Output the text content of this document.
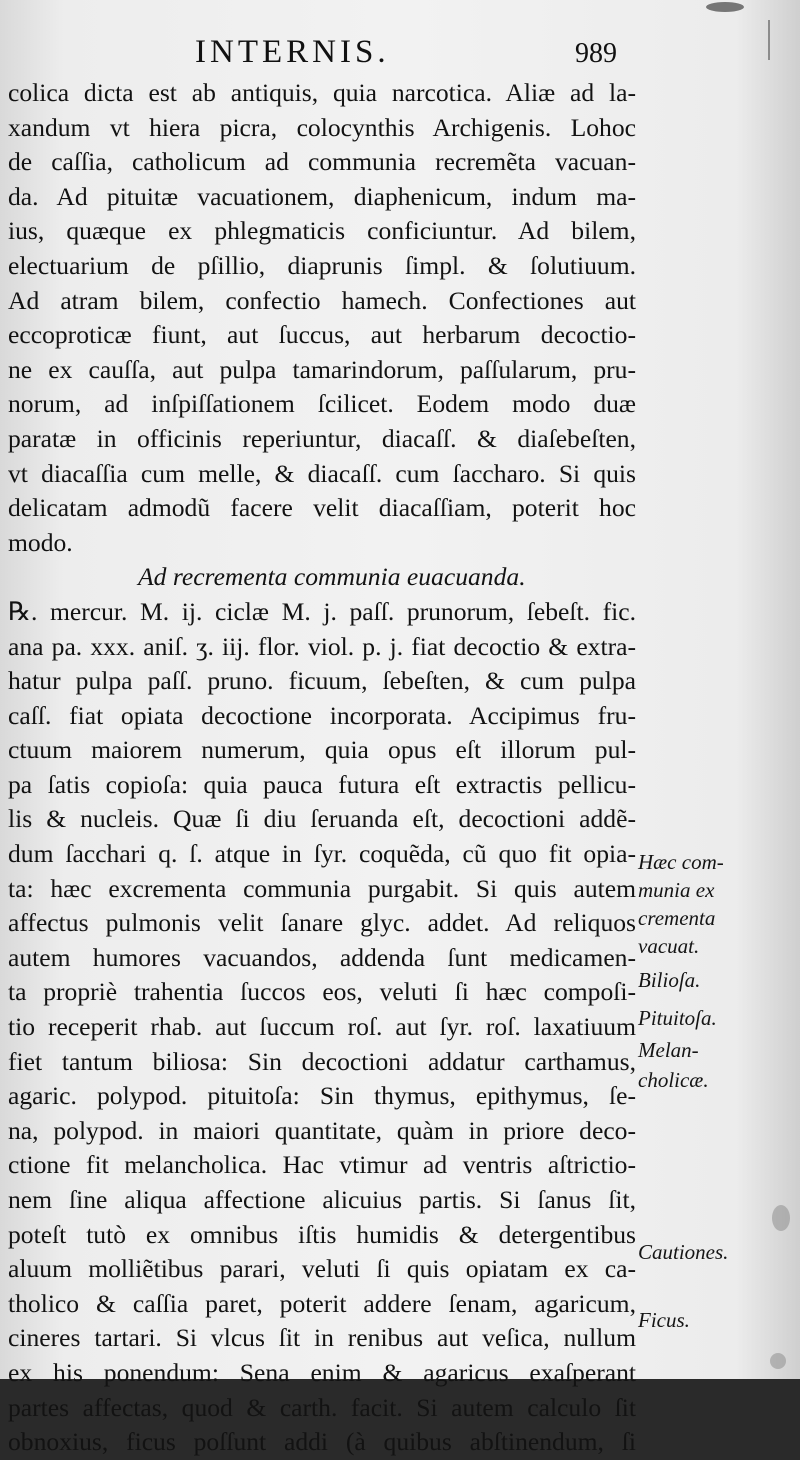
INTERNIS.	989
colica dicta est ab antiquis, quia narcotica. Aliæ ad la-
xandum vt hiera picra, colocynthis Archigenis. Lohoc
de caſſia, catholicum ad communia recremẽta vacuan-
da. Ad pituitæ vacuationem, diaphenicum, indum ma-
ius, quæque ex phlegmaticis conficiuntur. Ad bilem,
electuarium de pſillio, diaprunis ſimpl. & ſolutiuum.
Ad atram bilem, confectio hamech. Confectiones aut
eccoproticæ fiunt, aut ſuccus, aut herbarum decoctio-
ne ex cauſſa, aut pulpa tamarindorum, paſſularum, pru-
norum, ad inſpiſſationem ſcilicet. Eodem modo duæ
paratæ in officinis reperiuntur, diacaſſ. & diaſebeſten,
vt diacaſſia cum melle, & diacaſſ. cum ſaccharo. Si quis
delicatam admodũ facere velit diacaſſiam, poterit hoc
modo.
Ad recrementa communia euacuanda.
℞. mercur. M. ij. ciclæ M. j. paſſ. prunorum, ſebeſt. fic.
ana pa. xxx. aniſ. ʒ. iij. flor. viol. p. j. fiat decoctio & extra-
hatur pulpa paſſ. pruno. ficuum, ſebeſten, & cum pulpa
caſſ. fiat opiata decoctione incorporata. Accipimus fru-
ctuum maiorem numerum, quia opus eſt illorum pul-
pa ſatis copioſa: quia pauca futura eſt extractis pellicu-
lis & nucleis. Quæ ſi diu ſeruanda eſt, decoctioni addẽ-
dum ſacchari q. ſ. atque in ſyr. coquẽda, cũ quo fit opia-
ta: hæc excrementa communia purgabit. Si quis autem
affectus pulmonis velit ſanare glyc. addet. Ad reliquos
autem humores vacuandos, addenda ſunt medicamen-
ta propriè trahentia ſuccos eos, veluti ſi hæc compoſi-
tio receperit rhab. aut ſuccum roſ. aut ſyr. roſ. laxatiuum
fiet tantum biliosa: Sin decoctioni addatur carthamus,
agaric. polypod. pituitoſa: Sin thymus, epithymus, ſe-
na, polypod. in maiori quantitate, quàm in priore deco-
ctione fit melancholica. Hac vtimur ad ventris aſtrictio-
nem ſine aliqua affectione alicuius partis. Si ſanus ſit,
poteſt tutò ex omnibus iſtis humidis & detergentibus
aluum molliẽtibus parari, veluti ſi quis opiatam ex ca-
tholico & caſſia paret, poterit addere ſenam, agaricum,
cineres tartari. Si vlcus ſit in renibus aut veſica, nullum
ex his ponendum: Sena enim & agaricus exaſperant
partes affectas, quod & carth. facit. Si autem calculo ſit
obnoxius, ficus poſſunt addi (à quibus abſtinendum, ſi
Hæc com-
munia ex
crementa
vacuat.
Bilioſa.
Pituitoſa.
Melan-
cholicæ.
Cautiones.
Ficus.
